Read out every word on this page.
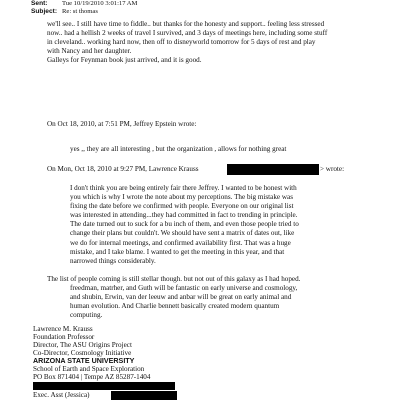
Sent: Tue 10/19/2010 3:01:17 AM
Subject: Re: st thomas

we'll see.. I still have time to fiddle.. but thanks for the honesty and support.. feeling less stressed
now.. had a hellish 2 weeks of travel I survived, and 3 days of meetings here, including some stuff
in cleveland.. working hard now, then off to disneyworld tomorrow for 5 days of rest and play
with Nancy and her daughter.
Galleys for Feynman book just arrived, and it is good.

On Oct 18, 2010, at 7:51 PM, Jeffrey Epstein wrote:
yes ,, they are all interesting , but the organization , allows for nothing great
On Mon, Oct 18, 2010 at 9:27 PM, Lawrence Krauss	> wrote:

I don't think you are being entirely fair there Jeffrey. I wanted to be honest with
you which is why I wrote the note about my perceptions. The big mistake was
fixing the date before we confirmed with people. Everyone on our original list
was interested in attending...they had committed in fact to trending in principle.
The date turned out to suck for a bu inch of them, and even those people tried to
change their plans but couldn't. We should have sent a matrix of dates out, like
we do for internal meetings, and confirmed availability first. That was a huge
mistake, and I take blame. I wanted to get the meeting in this year, and that
narrowed things considerably.

The list of people coming is still stellar though. but not out of this galaxy as I had hoped.

freedman, matrher, and Guth will be fantastic on early universe and cosmology,
and shubin, Erwin, van der leeuw and anbar will be great on early animal and
human evolution. And Charlie bennett basically created modern quantum
computing.

Lawrence M. Krauss
Foundation Professor
Director, The ASU Origins Project
Co-Director, Cosmology Initiative
ARIZONA STATE UNIVERSITY
School of Earth and Space Exploration
PO Box 871404 | Tempe AZ 85287-1404
Exec. Asst (Jessica)
